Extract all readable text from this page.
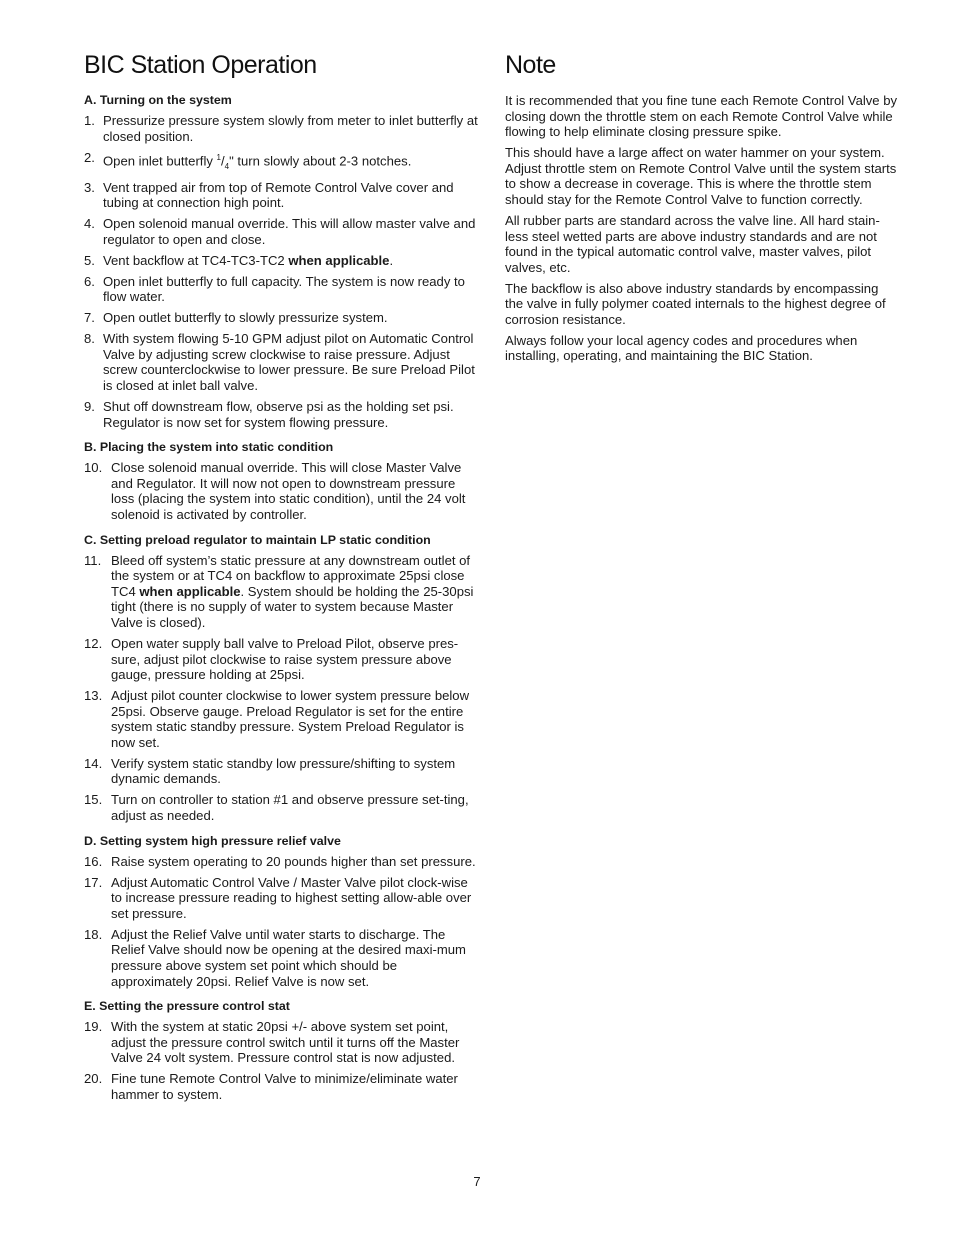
BIC Station Operation
A. Turning on the system
1. Pressurize pressure system slowly from meter to inlet butterfly at closed position.
2. Open inlet butterfly $^1/_4$" turn slowly about 2-3 notches.
3. Vent trapped air from top of Remote Control Valve cover and tubing at connection high point.
4. Open solenoid manual override. This will allow master valve and regulator to open and close.
5. Vent backflow at TC4-TC3-TC2 when applicable.
6. Open inlet butterfly to full capacity. The system is now ready to flow water.
7. Open outlet butterfly to slowly pressurize system.
8. With system flowing 5-10 GPM adjust pilot on Automatic Control Valve by adjusting screw clockwise to raise pressure. Adjust screw counterclockwise to lower pressure. Be sure Preload Pilot is closed at inlet ball valve.
9. Shut off downstream flow, observe psi as the holding set psi. Regulator is now set for system flowing pressure.
B. Placing the system into static condition
10. Close solenoid manual override. This will close Master Valve and Regulator. It will now not open to downstream pressure loss (placing the system into static condition), until the 24 volt solenoid is activated by controller.
C. Setting preload regulator to maintain LP static condition
11. Bleed off system’s static pressure at any downstream outlet of the system or at TC4 on backflow to approximate 25psi close TC4 when applicable. System should be holding the 25-30psi tight (there is no supply of water to system because Master Valve is closed).
12. Open water supply ball valve to Preload Pilot, observe pres-sure, adjust pilot clockwise to raise system pressure above gauge, pressure holding at 25psi.
13. Adjust pilot counter clockwise to lower system pressure below 25psi. Observe gauge. Preload Regulator is set for the entire system static standby pressure. System Preload Regulator is now set.
14. Verify system static standby low pressure/shifting to system dynamic demands.
15. Turn on controller to station #1 and observe pressure set-ting, adjust as needed.
D. Setting system high pressure relief valve
16. Raise system operating to 20 pounds higher than set pressure.
17. Adjust Automatic Control Valve / Master Valve pilot clock-wise to increase pressure reading to highest setting allow-able over set pressure.
18. Adjust the Relief Valve until water starts to discharge. The Relief Valve should now be opening at the desired maxi-mum pressure above system set point which should be approximately 20psi. Relief Valve is now set.
E. Setting the pressure control stat
19. With the system at static 20psi +/- above system set point, adjust the pressure control switch until it turns off the Master Valve 24 volt system. Pressure control stat is now adjusted.
20. Fine tune Remote Control Valve to minimize/eliminate water hammer to system.
Note

It is recommended that you fine tune each Remote Control Valve by closing down the throttle stem on each Remote Control Valve while flowing to help eliminate closing pressure spike.

This should have a large affect on water hammer on your system. Adjust throttle stem on Remote Control Valve until the system starts to show a decrease in coverage. This is where the throttle stem should stay for the Remote Control Valve to function correctly.

All rubber parts are standard across the valve line. All hard stain-less steel wetted parts are above industry standards and are not found in the typical automatic control valve, master valves, pilot valves, etc.

The backflow is also above industry standards by encompassing the valve in fully polymer coated internals to the highest degree of corrosion resistance.

Always follow your local agency codes and procedures when installing, operating, and maintaining the BIC Station.

7
